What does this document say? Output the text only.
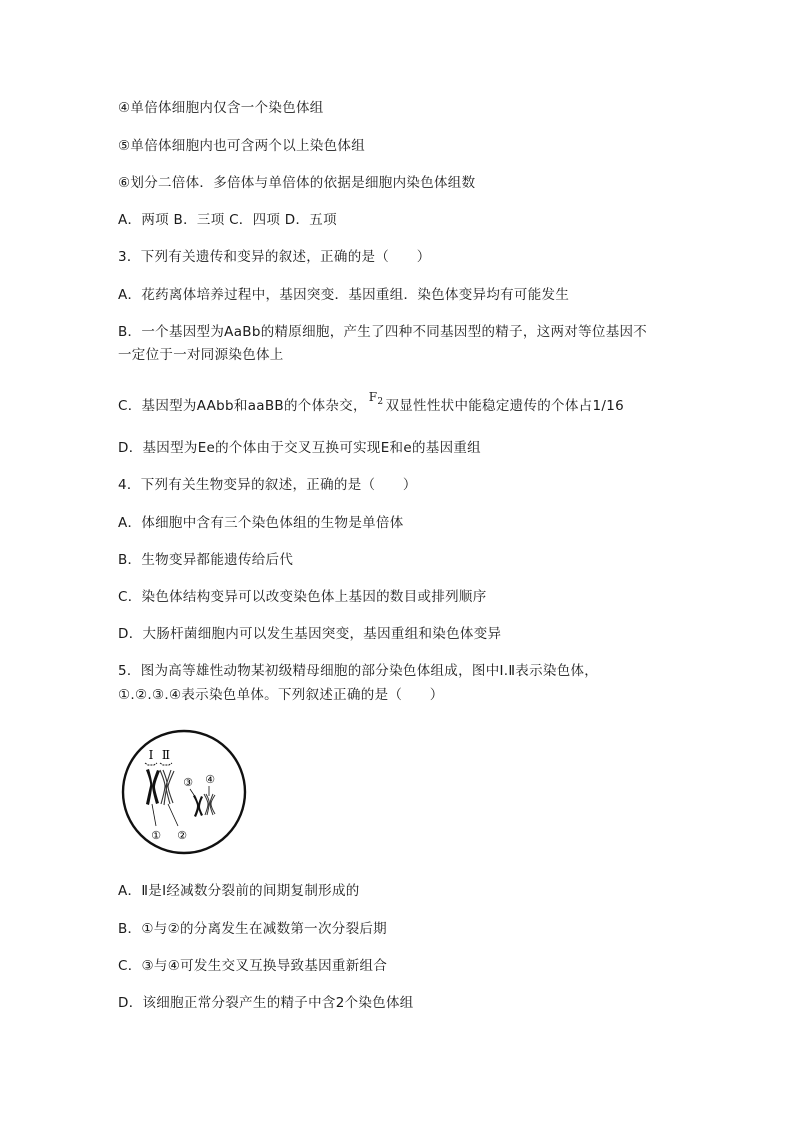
④单倍体细胞内仅含一个染色体组
⑤单倍体细胞内也可含两个以上染色体组
⑥划分二倍体．多倍体与单倍体的依据是细胞内染色体组数
A．两项 B．三项 C．四项 D．五项
3．下列有关遗传和变异的叙述，正确的是（　　）
A．花药离体培养过程中，基因突变．基因重组．染色体变异均有可能发生
B．一个基因型为AaBb的精原细胞，产生了四种不同基因型的精子，这两对等位基因不
一定位于一对同源染色体上
C．基因型为AAbb和aaBB的个体杂交，$F_2$ 双显性性状中能稳定遗传的个体占1/16
D．基因型为Ee的个体由于交叉互换可实现E和e的基因重组
4．下列有关生物变异的叙述，正确的是（　　）
A．体细胞中含有三个染色体组的生物是单倍体
B．生物变异都能遗传给后代
C．染色体结构变异可以改变染色体上基因的数目或排列顺序
D．大肠杆菌细胞内可以发生基因突变，基因重组和染色体变异
5．图为高等雄性动物某初级精母细胞的部分染色体组成，图中Ⅰ.Ⅱ表示染色体，
①.②.③.④表示染色单体。下列叙述正确的是（　　）
Ⅰ Ⅱ
③ ④
① ②
A．Ⅱ是Ⅰ经减数分裂前的间期复制形成的
B．①与②的分离发生在减数第一次分裂后期
C．③与④可发生交叉互换导致基因重新组合
D．该细胞正常分裂产生的精子中含2个染色体组
